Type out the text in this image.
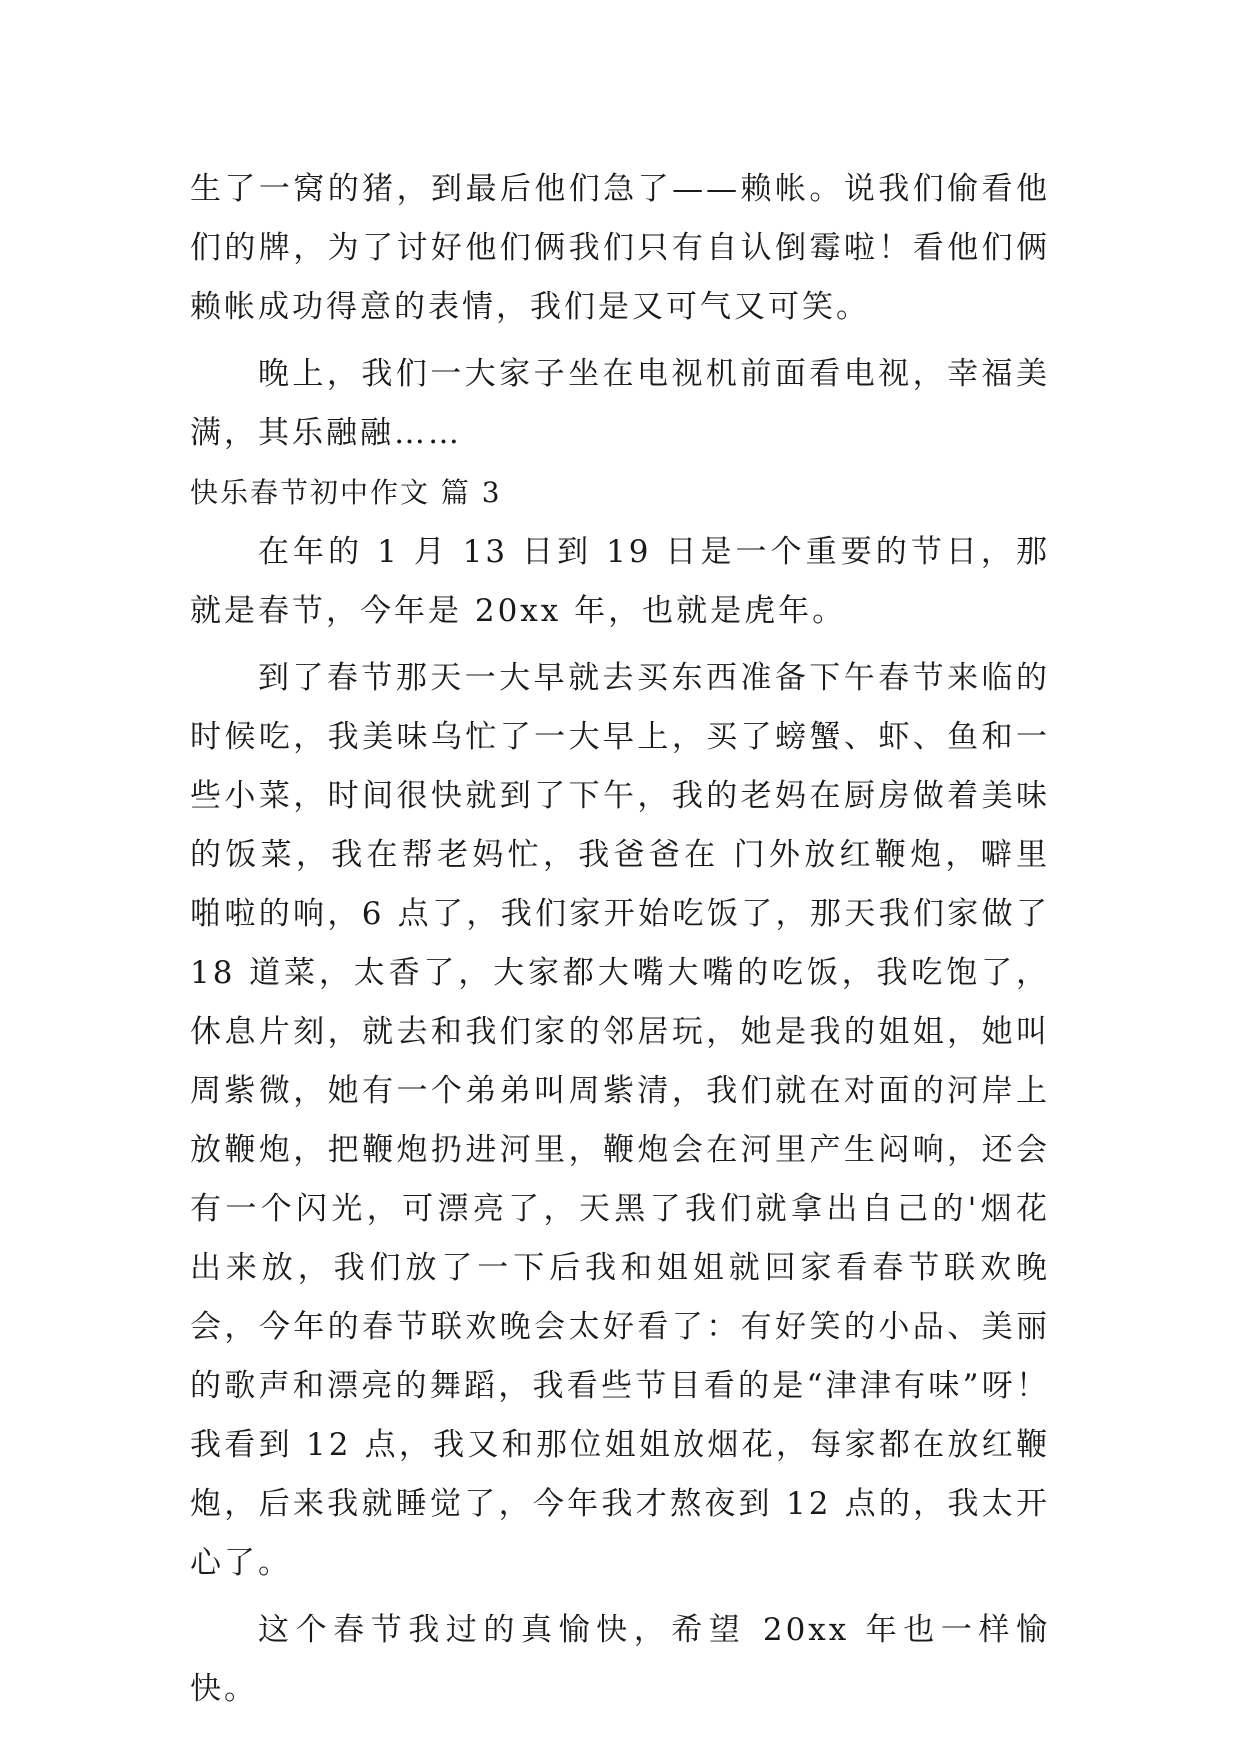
生了一窝的猪，到最后他们急了——赖帐。说我们偷看他们的牌，为了讨好他们俩我们只有自认倒霉啦！看他们俩赖帐成功得意的表情，我们是又可气又可笑。

晚上，我们一大家子坐在电视机前面看电视，幸福美满，其乐融融……

快乐春节初中作文 篇 3

在年的 1 月 13 日到 19 日是一个重要的节日，那就是春节，今年是 20xx 年，也就是虎年。

到了春节那天一大早就去买东西准备下午春节来临的时候吃，我美味乌忙了一大早上，买了螃蟹、虾、鱼和一些小菜，时间很快就到了下午，我的老妈在厨房做着美味的饭菜，我在帮老妈忙，我爸爸在 门外放红鞭炮，噼里啪啦的响，6 点了，我们家开始吃饭了，那天我们家做了 18 道菜，太香了，大家都大嘴大嘴的吃饭，我吃饱了，休息片刻，就去和我们家的邻居玩，她是我的姐姐，她叫周紫微，她有一个弟弟叫周紫清，我们就在对面的河岸上放鞭炮，把鞭炮扔进河里，鞭炮会在河里产生闷响，还会有一个闪光，可漂亮了，天黑了我们就拿出自己的'烟花出来放，我们放了一下后我和姐姐就回家看春节联欢晚会，今年的春节联欢晚会太好看了：有好笑的小品、美丽的歌声和漂亮的舞蹈，我看些节目看的是“津津有味”呀！我看到 12 点，我又和那位姐姐放烟花，每家都在放红鞭炮，后来我就睡觉了，今年我才熬夜到 12 点的，我太开心了。

这个春节我过的真愉快，希望 20xx 年也一样愉快。
